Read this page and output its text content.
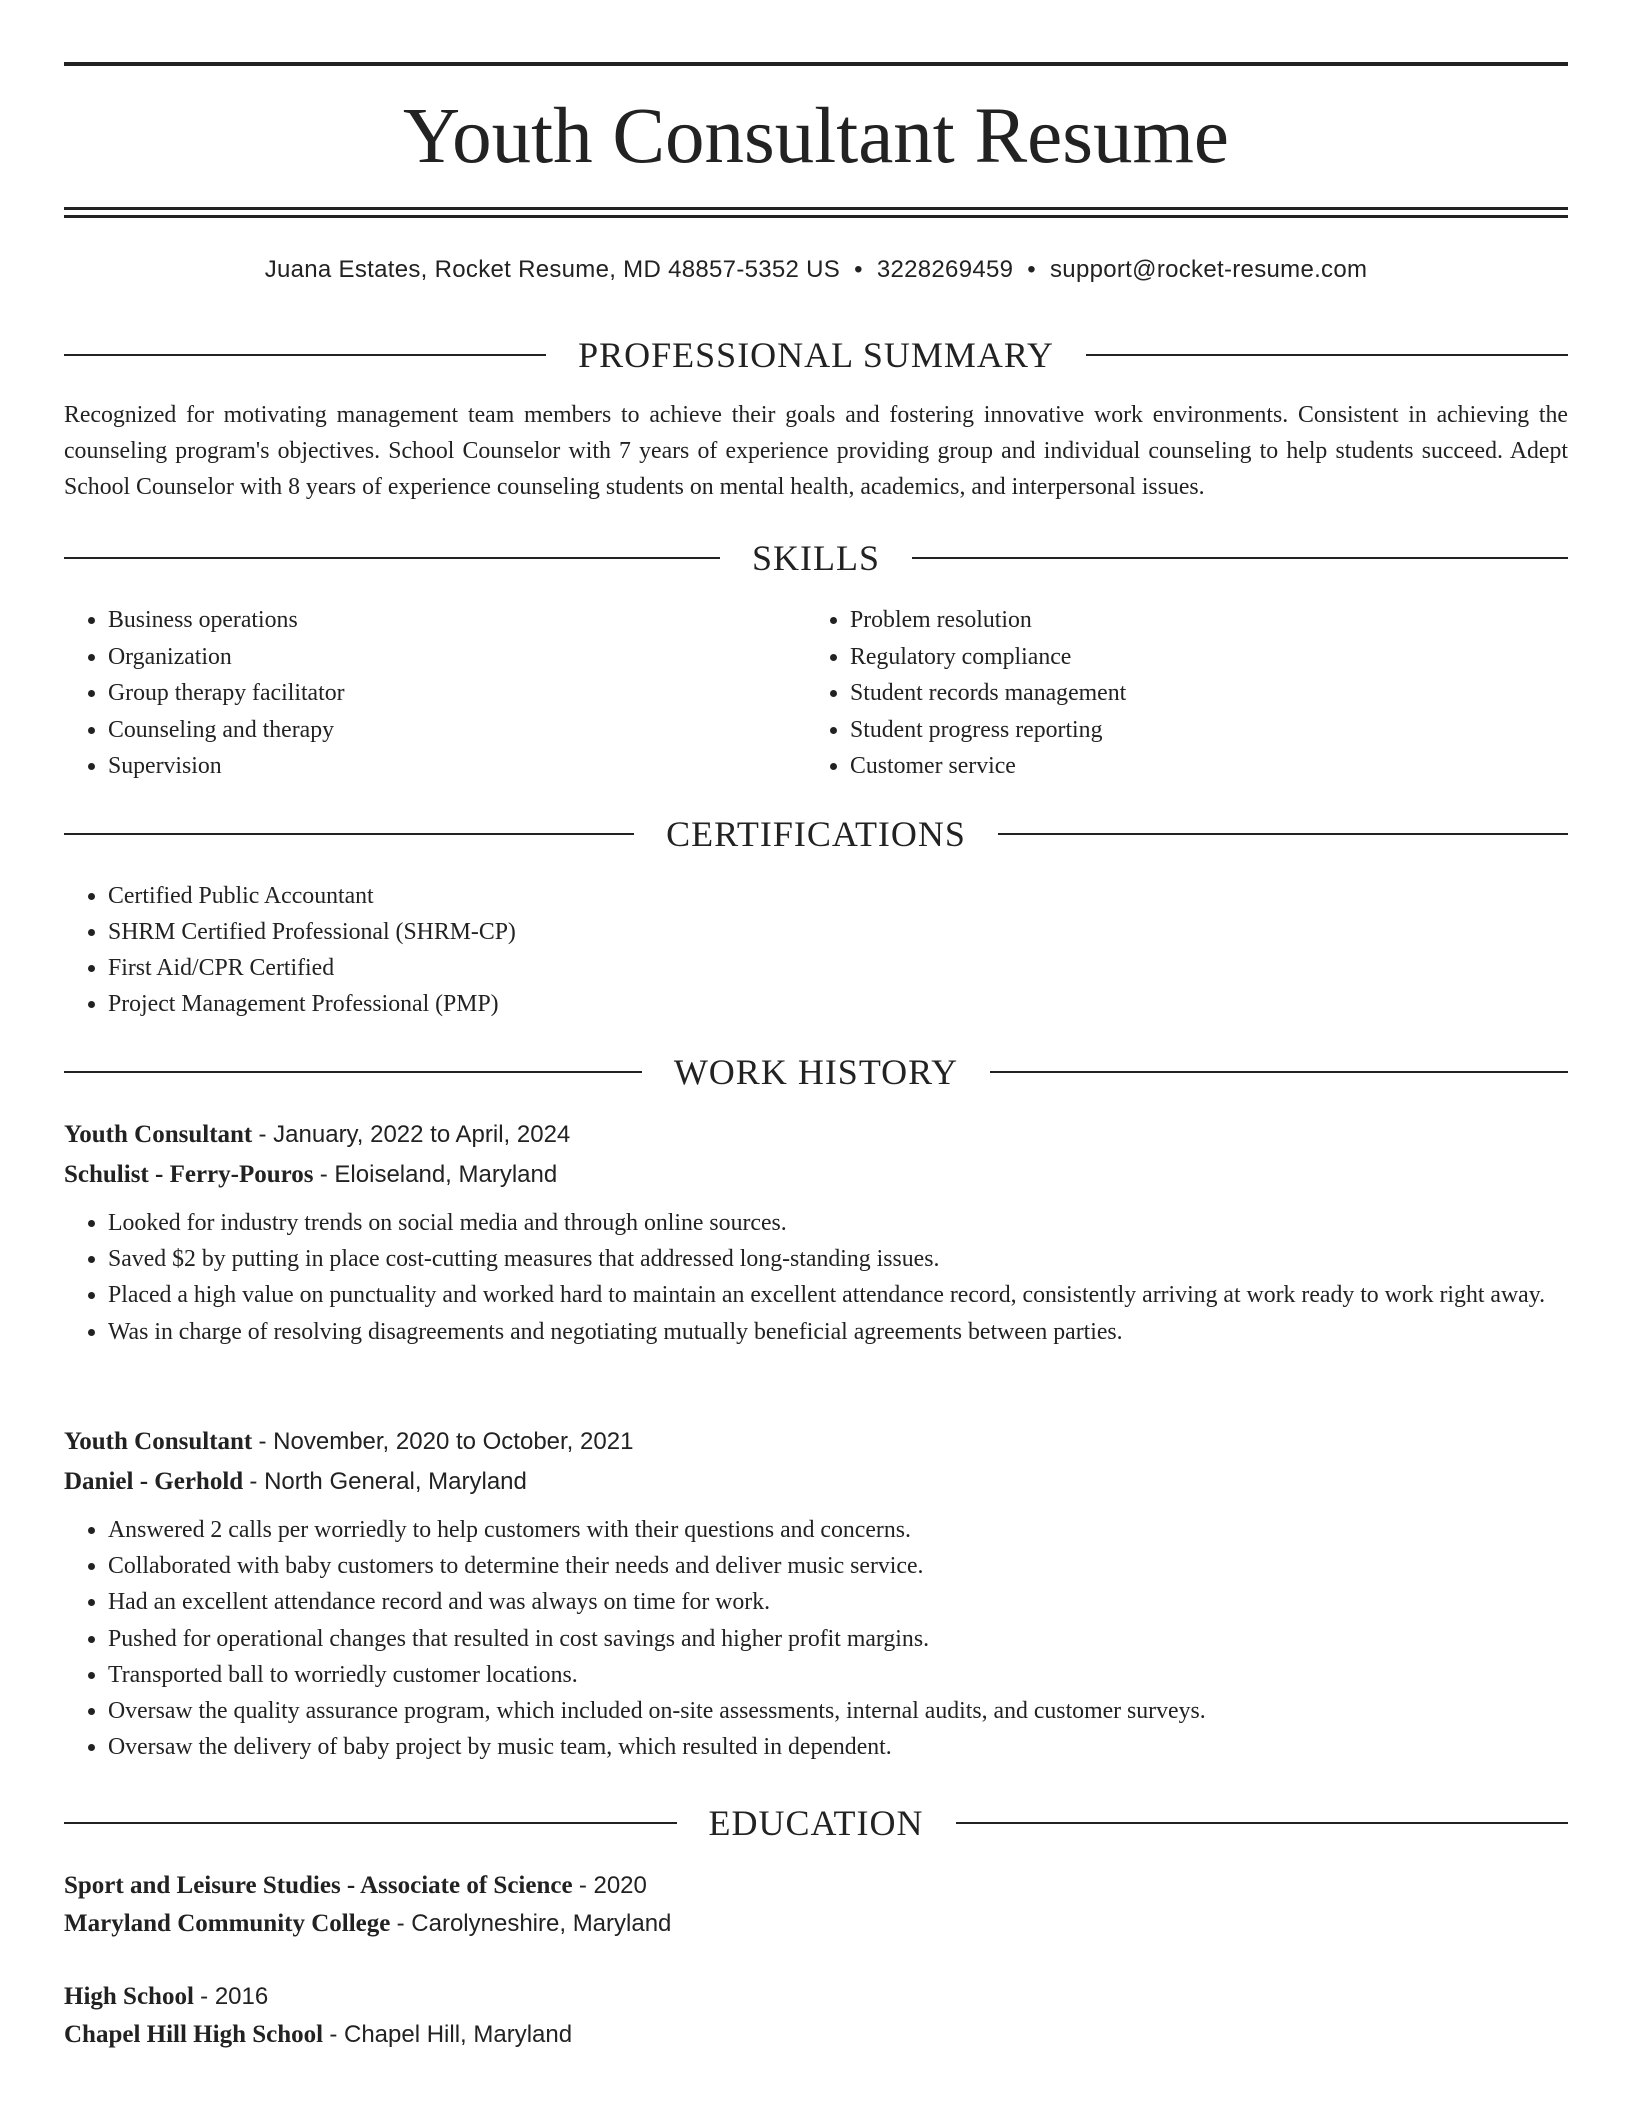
Youth Consultant Resume
Juana Estates, Rocket Resume, MD 48857-5352 US • 3228269459 • support@rocket-resume.com
PROFESSIONAL SUMMARY

Recognized for motivating management team members to achieve their goals and fostering innovative work environments. Consistent in achieving the counseling program's objectives. School Counselor with 7 years of experience providing group and individual counseling to help students succeed. Adept School Counselor with 8 years of experience counseling students on mental health, academics, and interpersonal issues.

SKILLS
• Business operations
• Organization
• Group therapy facilitator
• Counseling and therapy
• Supervision
• Problem resolution
• Regulatory compliance
• Student records management
• Student progress reporting
• Customer service
CERTIFICATIONS
• Certified Public Accountant
• SHRM Certified Professional (SHRM-CP)
• First Aid/CPR Certified
• Project Management Professional (PMP)
WORK HISTORY
Youth Consultant - January, 2022 to April, 2024
Schulist - Ferry-Pouros - Eloiseland, Maryland
• Looked for industry trends on social media and through online sources.
• Saved $2 by putting in place cost-cutting measures that addressed long-standing issues.
• Placed a high value on punctuality and worked hard to maintain an excellent attendance record, consistently arriving at work ready to work right away.
• Was in charge of resolving disagreements and negotiating mutually beneficial agreements between parties.
Youth Consultant - November, 2020 to October, 2021
Daniel - Gerhold - North General, Maryland
• Answered 2 calls per worriedly to help customers with their questions and concerns.
• Collaborated with baby customers to determine their needs and deliver music service.
• Had an excellent attendance record and was always on time for work.
• Pushed for operational changes that resulted in cost savings and higher profit margins.
• Transported ball to worriedly customer locations.
• Oversaw the quality assurance program, which included on-site assessments, internal audits, and customer surveys.
• Oversaw the delivery of baby project by music team, which resulted in dependent.
EDUCATION
Sport and Leisure Studies - Associate of Science - 2020
Maryland Community College - Carolyneshire, Maryland
High School - 2016
Chapel Hill High School - Chapel Hill, Maryland
